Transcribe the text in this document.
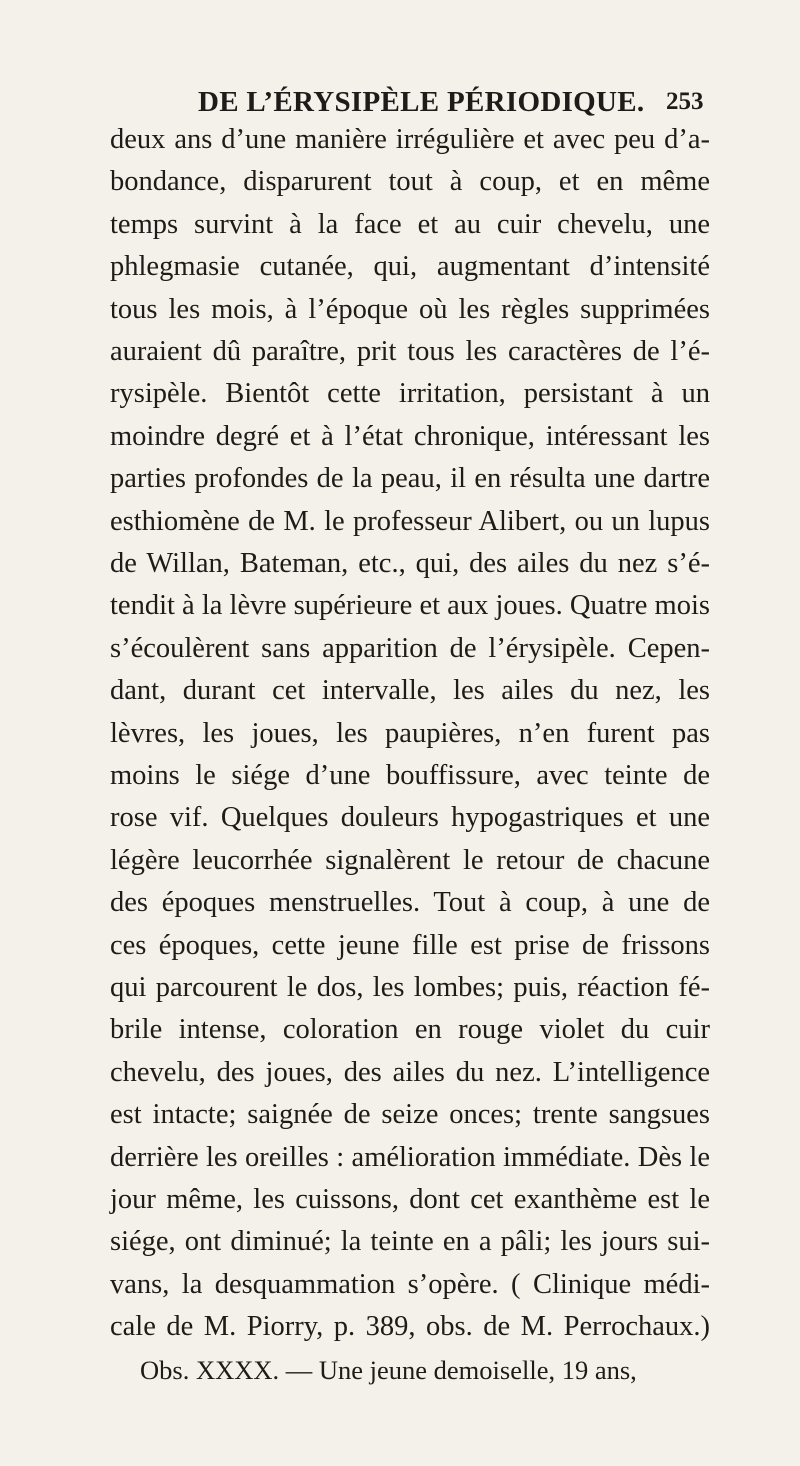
DE L’ÉRYSIPÈLE PÉRIODIQUE. 253
deux ans d’une manière irrégulière et avec peu d’a-
bondance, disparurent tout à coup, et en même
temps survint à la face et au cuir chevelu, une
phlegmasie cutanée, qui, augmentant d’intensité
tous les mois, à l’époque où les règles supprimées
auraient dû paraître, prit tous les caractères de l’é-
rysipèle. Bientôt cette irritation, persistant à un
moindre degré et à l’état chronique, intéressant les
parties profondes de la peau, il en résulta une dartre
esthiomène de M. le professeur Alibert, ou un lupus
de Willan, Bateman, etc., qui, des ailes du nez s’é-
tendit à la lèvre supérieure et aux joues. Quatre mois
s’écoulèrent sans apparition de l’érysipèle. Cepen-
dant, durant cet intervalle, les ailes du nez, les
lèvres, les joues, les paupières, n’en furent pas
moins le siége d’une bouffissure, avec teinte de
rose vif. Quelques douleurs hypogastriques et une
légère leucorrhée signalèrent le retour de chacune
des époques menstruelles. Tout à coup, à une de
ces époques, cette jeune fille est prise de frissons
qui parcourent le dos, les lombes; puis, réaction fé-
brile intense, coloration en rouge violet du cuir
chevelu, des joues, des ailes du nez. L’intelligence
est intacte; saignée de seize onces; trente sangsues
derrière les oreilles : amélioration immédiate. Dès le
jour même, les cuissons, dont cet exanthème est le
siége, ont diminué; la teinte en a pâli; les jours sui-
vans, la desquammation s’opère. ( Clinique médi-
cale de M. Piorry, p. 389, obs. de M. Perrochaux.)
Obs. XXXX. — Une jeune demoiselle, 19 ans,
